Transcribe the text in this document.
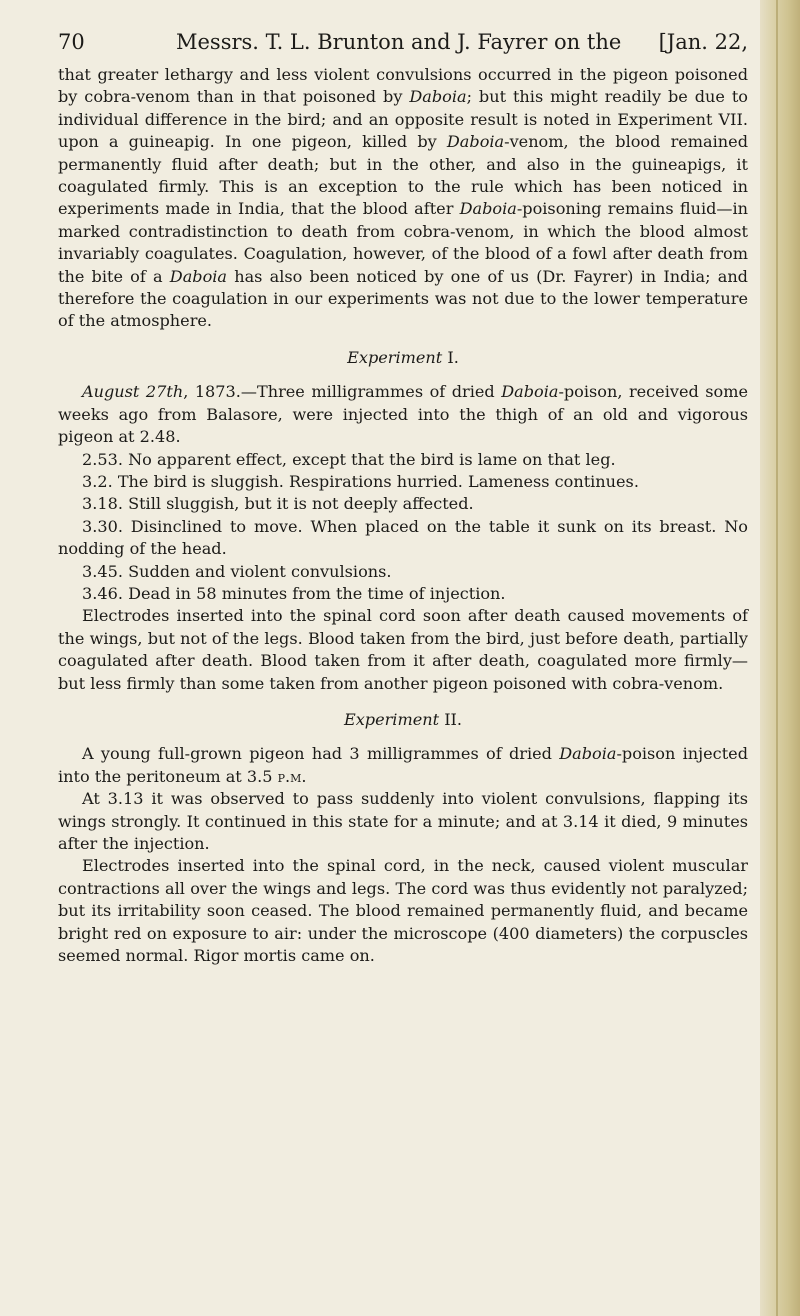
70	Messrs. T. L. Brunton and J. Fayrer on the [Jan. 22,

that greater lethargy and less violent convulsions occurred in the pigeon poisoned by cobra-venom than in that poisoned by Daboia; but this might readily be due to individual difference in the bird; and an opposite result is noted in Experiment VII. upon a guineapig. In one pigeon, killed by Daboia-venom, the blood remained permanently fluid after death; but in the other, and also in the guineapigs, it coagulated firmly. This is an exception to the rule which has been noticed in experiments made in India, that the blood after Daboia-poisoning remains fluid—in marked contradistinction to death from cobra-venom, in which the blood almost invariably coagulates. Coagulation, however, of the blood of a fowl after death from the bite of a Daboia has also been noticed by one of us (Dr. Fayrer) in India; and therefore the coagulation in our experiments was not due to the lower temperature of the atmosphere.

Experiment I.

August 27th, 1873.—Three milligrammes of dried Daboia-poison, received some weeks ago from Balasore, were injected into the thigh of an old and vigorous pigeon at 2.48.

2.53. No apparent effect, except that the bird is lame on that leg.

3.2. The bird is sluggish. Respirations hurried. Lameness continues.

3.18. Still sluggish, but it is not deeply affected.

3.30. Disinclined to move. When placed on the table it sunk on its breast. No nodding of the head.

3.45. Sudden and violent convulsions.

3.46. Dead in 58 minutes from the time of injection.

Electrodes inserted into the spinal cord soon after death caused movements of the wings, but not of the legs. Blood taken from the bird, just before death, partially coagulated after death. Blood taken from it after death, coagulated more firmly—but less firmly than some taken from another pigeon poisoned with cobra-venom.

Experiment II.

A young full-grown pigeon had 3 milligrammes of dried Daboia-poison injected into the peritoneum at 3.5 p.m.

At 3.13 it was observed to pass suddenly into violent convulsions, flapping its wings strongly. It continued in this state for a minute; and at 3.14 it died, 9 minutes after the injection.

Electrodes inserted into the spinal cord, in the neck, caused violent muscular contractions all over the wings and legs. The cord was thus evidently not paralyzed; but its irritability soon ceased. The blood remained permanently fluid, and became bright red on exposure to air: under the microscope (400 diameters) the corpuscles seemed normal. Rigor mortis came on.
